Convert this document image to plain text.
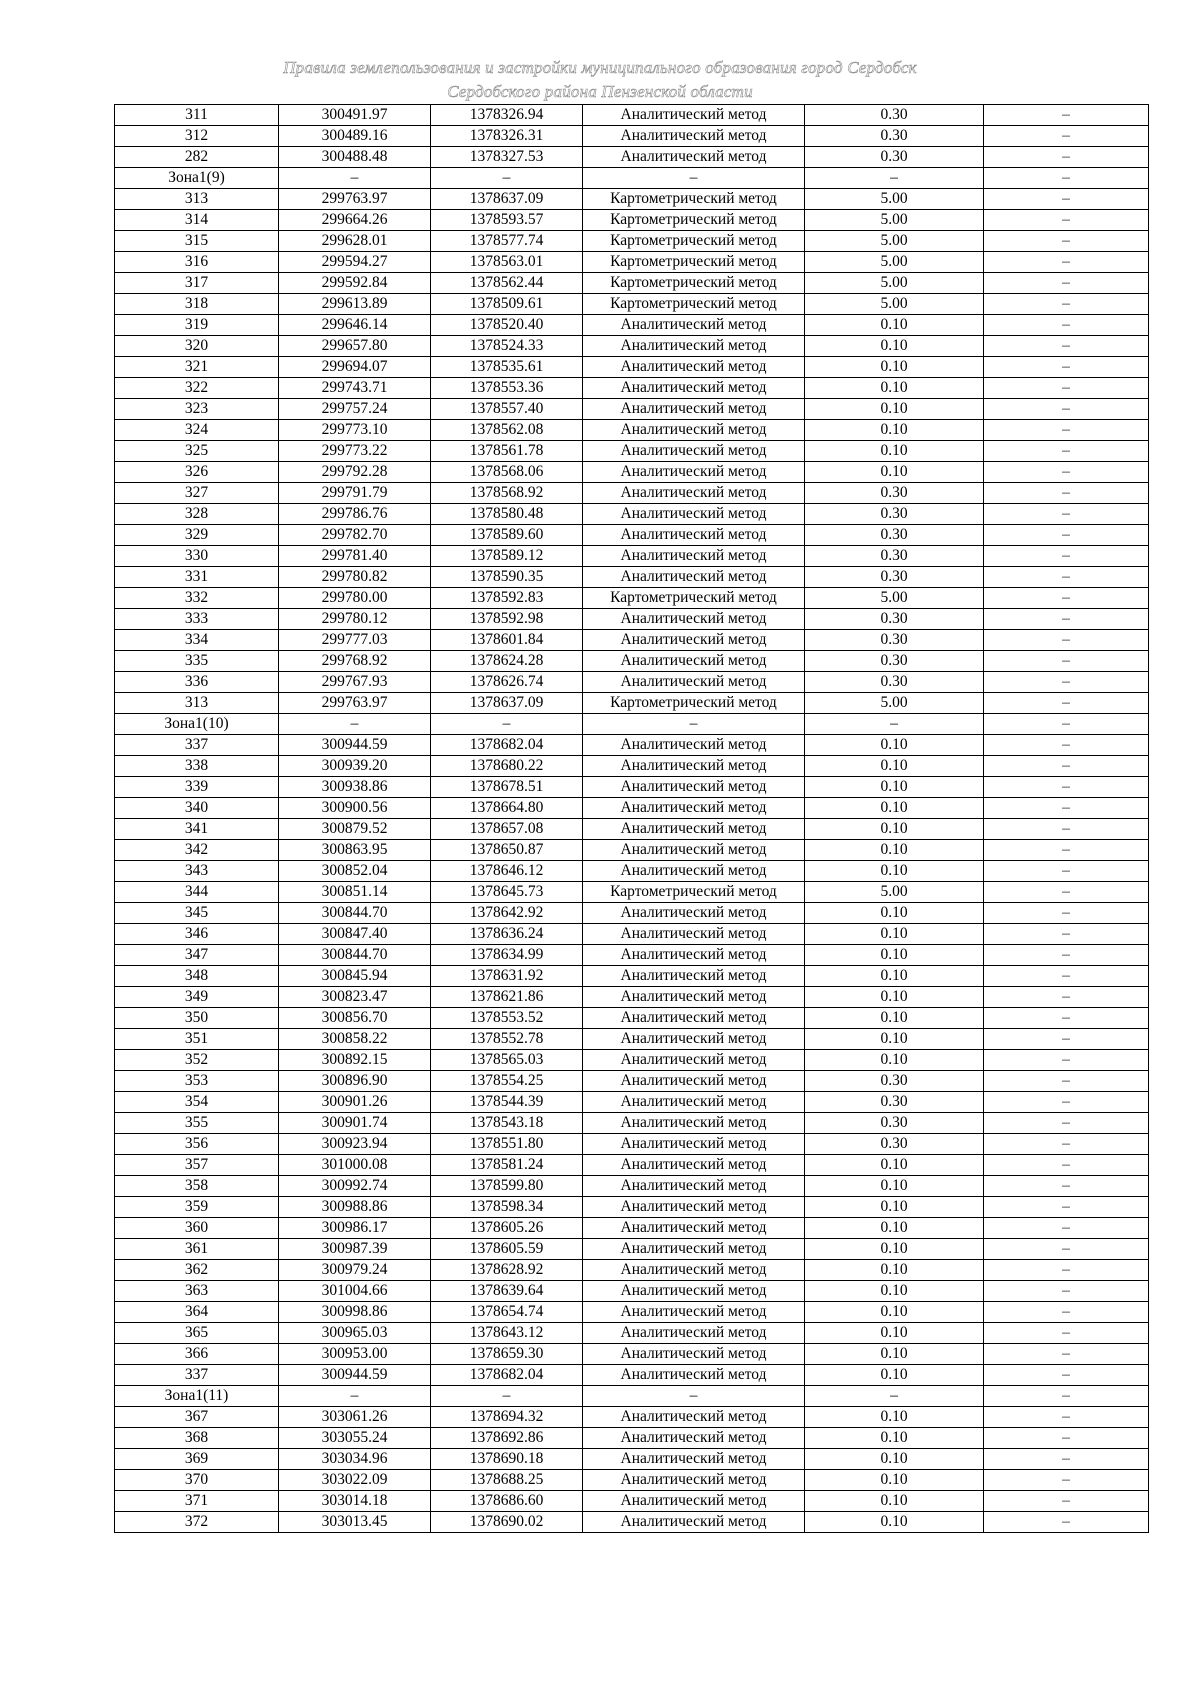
Правила землепользования и застройки муниципального образования город Сердобск
Сердобского района Пензенской области
311	300491.97	1378326.94	Аналитический метод	0.30	–
312	300489.16	1378326.31	Аналитический метод	0.30	–
282	300488.48	1378327.53	Аналитический метод	0.30	–
Зона1(9)	–	–	–	–	–
313	299763.97	1378637.09	Картометрический метод	5.00	–
314	299664.26	1378593.57	Картометрический метод	5.00	–
315	299628.01	1378577.74	Картометрический метод	5.00	–
316	299594.27	1378563.01	Картометрический метод	5.00	–
317	299592.84	1378562.44	Картометрический метод	5.00	–
318	299613.89	1378509.61	Картометрический метод	5.00	–
319	299646.14	1378520.40	Аналитический метод	0.10	–
320	299657.80	1378524.33	Аналитический метод	0.10	–
321	299694.07	1378535.61	Аналитический метод	0.10	–
322	299743.71	1378553.36	Аналитический метод	0.10	–
323	299757.24	1378557.40	Аналитический метод	0.10	–
324	299773.10	1378562.08	Аналитический метод	0.10	–
325	299773.22	1378561.78	Аналитический метод	0.10	–
326	299792.28	1378568.06	Аналитический метод	0.10	–
327	299791.79	1378568.92	Аналитический метод	0.30	–
328	299786.76	1378580.48	Аналитический метод	0.30	–
329	299782.70	1378589.60	Аналитический метод	0.30	–
330	299781.40	1378589.12	Аналитический метод	0.30	–
331	299780.82	1378590.35	Аналитический метод	0.30	–
332	299780.00	1378592.83	Картометрический метод	5.00	–
333	299780.12	1378592.98	Аналитический метод	0.30	–
334	299777.03	1378601.84	Аналитический метод	0.30	–
335	299768.92	1378624.28	Аналитический метод	0.30	–
336	299767.93	1378626.74	Аналитический метод	0.30	–
313	299763.97	1378637.09	Картометрический метод	5.00	–
Зона1(10)	–	–	–	–	–
337	300944.59	1378682.04	Аналитический метод	0.10	–
338	300939.20	1378680.22	Аналитический метод	0.10	–
339	300938.86	1378678.51	Аналитический метод	0.10	–
340	300900.56	1378664.80	Аналитический метод	0.10	–
341	300879.52	1378657.08	Аналитический метод	0.10	–
342	300863.95	1378650.87	Аналитический метод	0.10	–
343	300852.04	1378646.12	Аналитический метод	0.10	–
344	300851.14	1378645.73	Картометрический метод	5.00	–
345	300844.70	1378642.92	Аналитический метод	0.10	–
346	300847.40	1378636.24	Аналитический метод	0.10	–
347	300844.70	1378634.99	Аналитический метод	0.10	–
348	300845.94	1378631.92	Аналитический метод	0.10	–
349	300823.47	1378621.86	Аналитический метод	0.10	–
350	300856.70	1378553.52	Аналитический метод	0.10	–
351	300858.22	1378552.78	Аналитический метод	0.10	–
352	300892.15	1378565.03	Аналитический метод	0.10	–
353	300896.90	1378554.25	Аналитический метод	0.30	–
354	300901.26	1378544.39	Аналитический метод	0.30	–
355	300901.74	1378543.18	Аналитический метод	0.30	–
356	300923.94	1378551.80	Аналитический метод	0.30	–
357	301000.08	1378581.24	Аналитический метод	0.10	–
358	300992.74	1378599.80	Аналитический метод	0.10	–
359	300988.86	1378598.34	Аналитический метод	0.10	–
360	300986.17	1378605.26	Аналитический метод	0.10	–
361	300987.39	1378605.59	Аналитический метод	0.10	–
362	300979.24	1378628.92	Аналитический метод	0.10	–
363	301004.66	1378639.64	Аналитический метод	0.10	–
364	300998.86	1378654.74	Аналитический метод	0.10	–
365	300965.03	1378643.12	Аналитический метод	0.10	–
366	300953.00	1378659.30	Аналитический метод	0.10	–
337	300944.59	1378682.04	Аналитический метод	0.10	–
Зона1(11)	–	–	–	–	–
367	303061.26	1378694.32	Аналитический метод	0.10	–
368	303055.24	1378692.86	Аналитический метод	0.10	–
369	303034.96	1378690.18	Аналитический метод	0.10	–
370	303022.09	1378688.25	Аналитический метод	0.10	–
371	303014.18	1378686.60	Аналитический метод	0.10	–
372	303013.45	1378690.02	Аналитический метод	0.10	–
